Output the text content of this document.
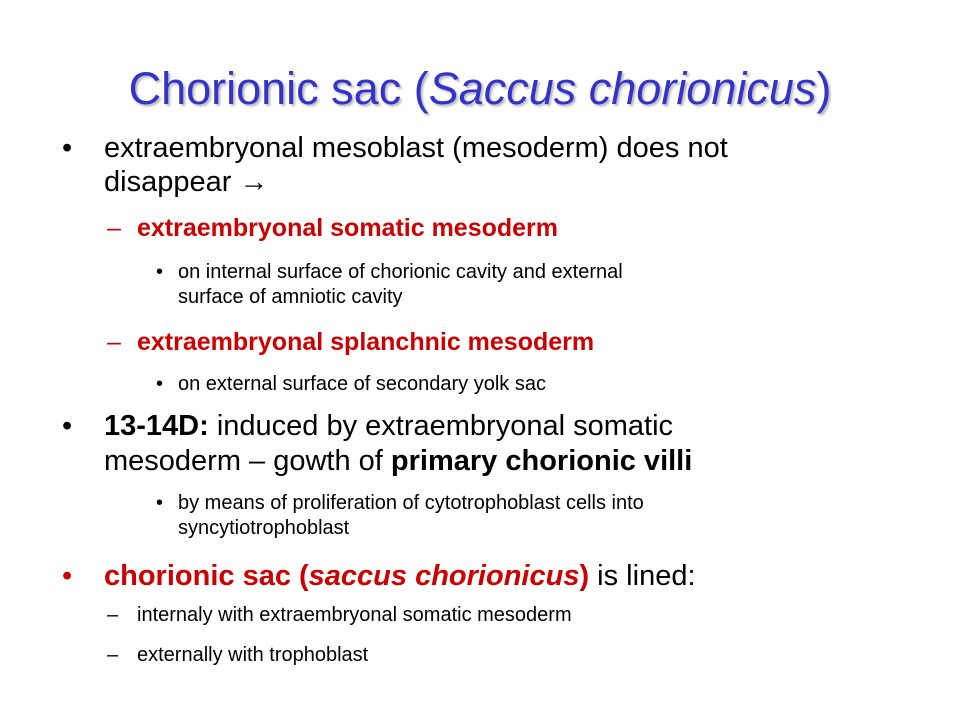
Chorionic sac (Saccus chorionicus)
• extraembryonal mesoblast (mesoderm) does not
disappear →
– extraembryonal somatic mesoderm
• on internal surface of chorionic cavity and external
surface of amniotic cavity
– extraembryonal splanchnic mesoderm
• on external surface of secondary yolk sac
• 13-14D: induced by extraembryonal somatic
mesoderm – gowth of primary chorionic villi
• by means of proliferation of cytotrophoblast cells into
syncytiotrophoblast
• chorionic sac (saccus chorionicus) is lined:
– internaly with extraembryonal somatic mesoderm
– externally with trophoblast
